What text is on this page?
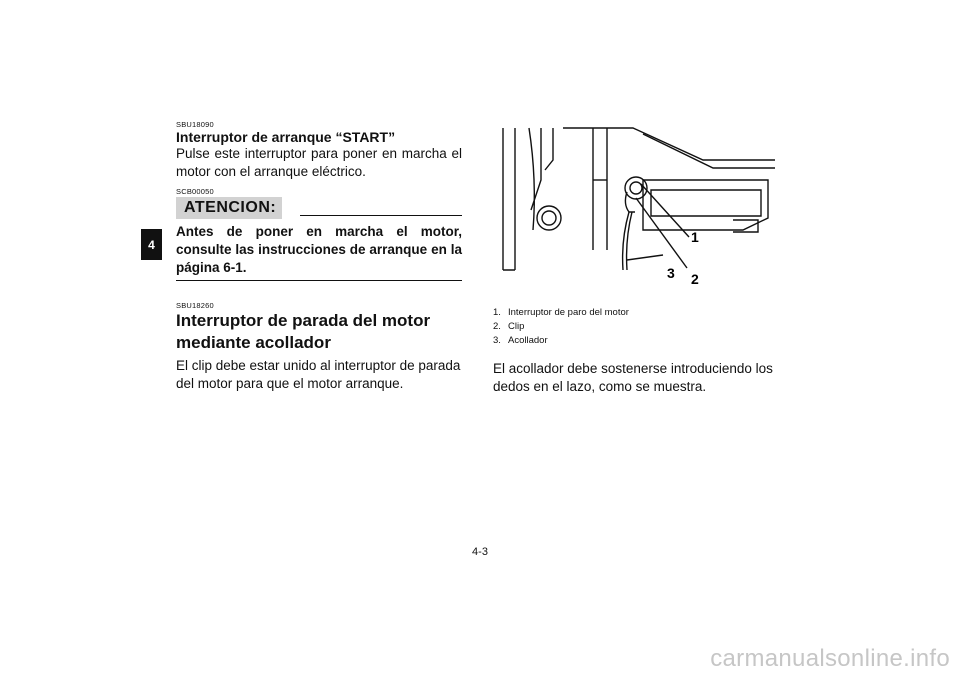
4

SBU18090

Interruptor de arranque “START”

Pulse este interruptor para poner en marcha el motor con el arranque eléctrico.

SCB00050

ATENCION:

Antes de poner en marcha el motor, consulte las instrucciones de arranque en la página 6-1.

SBU18260

Interruptor de parada del motor mediante acollador

El clip debe estar unido al interruptor de parada del motor para que el motor arranque.

1
2
3
1. Interruptor de paro del motor
2. Clip
3. Acollador

El acollador debe sostenerse introduciendo los dedos en el lazo, como se muestra.

4-3
carmanualsonline.info
